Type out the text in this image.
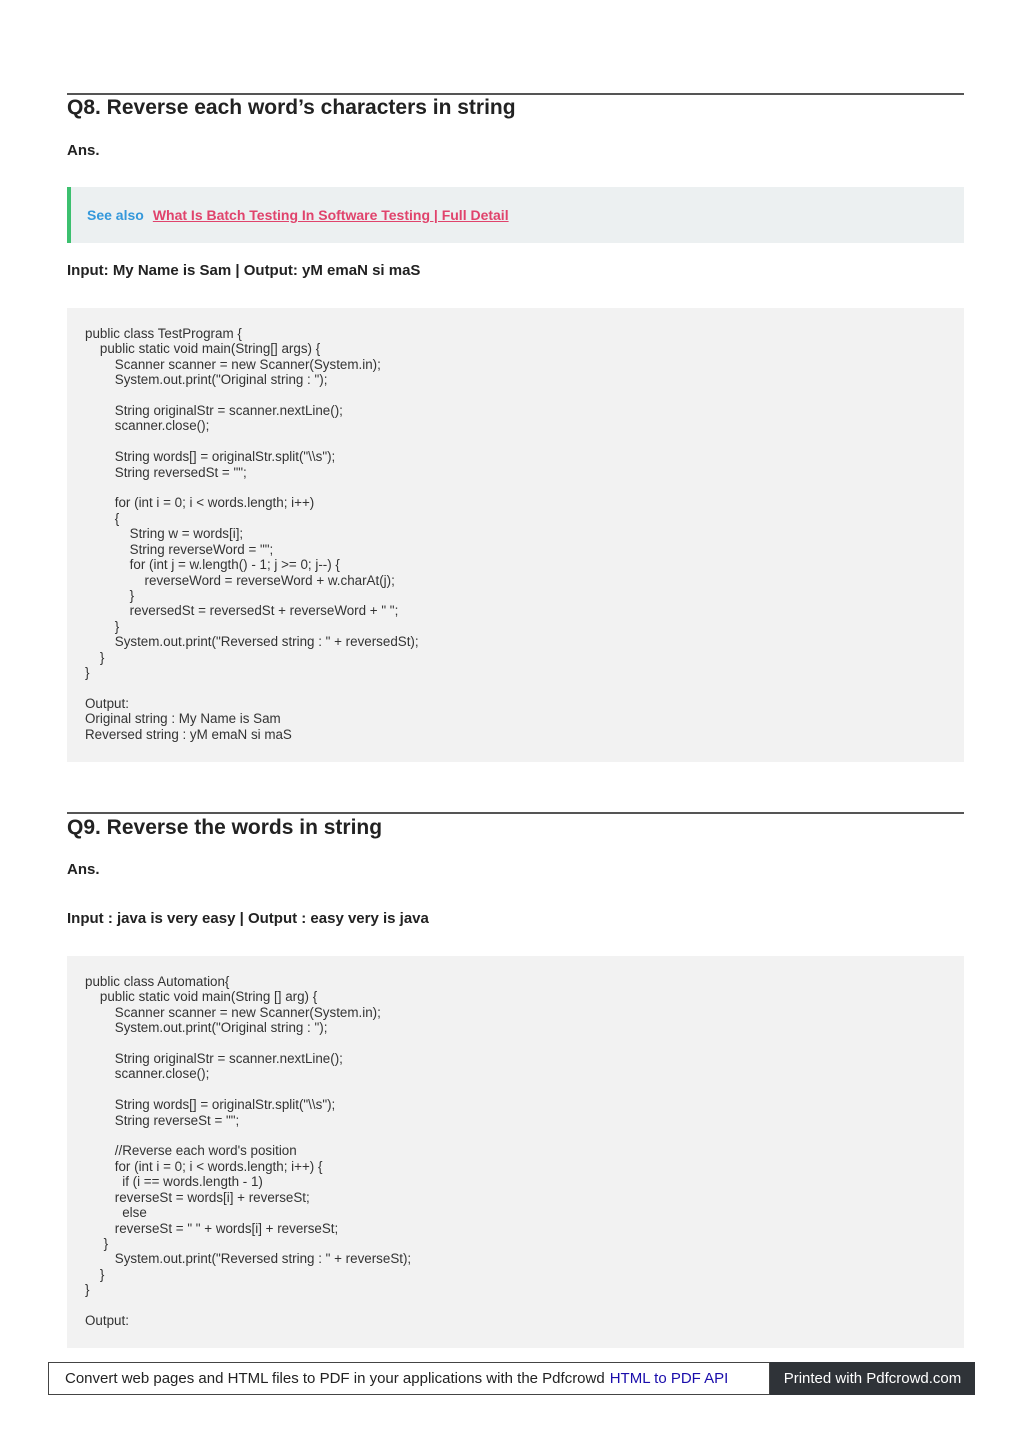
Q8. Reverse each word’s characters in string

Ans.

See also What Is Batch Testing In Software Testing | Full Detail

Input: My Name is Sam | Output: yM emaN si maS

public class TestProgram {
	public static void main(String[] args) {
		Scanner scanner = new Scanner(System.in);
		System.out.print("Original string : ");

		String originalStr = scanner.nextLine();
		scanner.close();

		String words[] = originalStr.split("\\s");
		String reversedSt = "";

		for (int i = 0; i < words.length; i++)
		{
			String w = words[i];
			String reverseWord = "";
			for (int j = w.length() - 1; j >= 0; j--) {
				reverseWord = reverseWord + w.charAt(j);
			}
			reversedSt = reversedSt + reverseWord + " ";
		}
		System.out.print("Reversed string : " + reversedSt);
	}
}

Output:
Original string : My Name is Sam
Reversed string : yM emaN si maS
Q9. Reverse the words in string

Ans.

Input : java is very easy | Output : easy very is java

public class Automation{
	public static void main(String [] arg) {
		Scanner scanner = new Scanner(System.in);
		System.out.print("Original string : ");

		String originalStr = scanner.nextLine();
		scanner.close();

		String words[] = originalStr.split("\\s");
		String reverseSt = "";

		//Reverse each word's position
		for (int i = 0; i < words.length; i++) {
	if (i == words.length - 1)
		reverseSt = words[i] + reverseSt;
	else
		reverseSt = " " + words[i] + reverseSt;
	}
		System.out.print("Reversed string : " + reverseSt);
	}
}

Output:
Convert web pages and HTML files to PDF in your applications with the Pdfcrowd HTML to PDF API	Printed with Pdfcrowd.com
